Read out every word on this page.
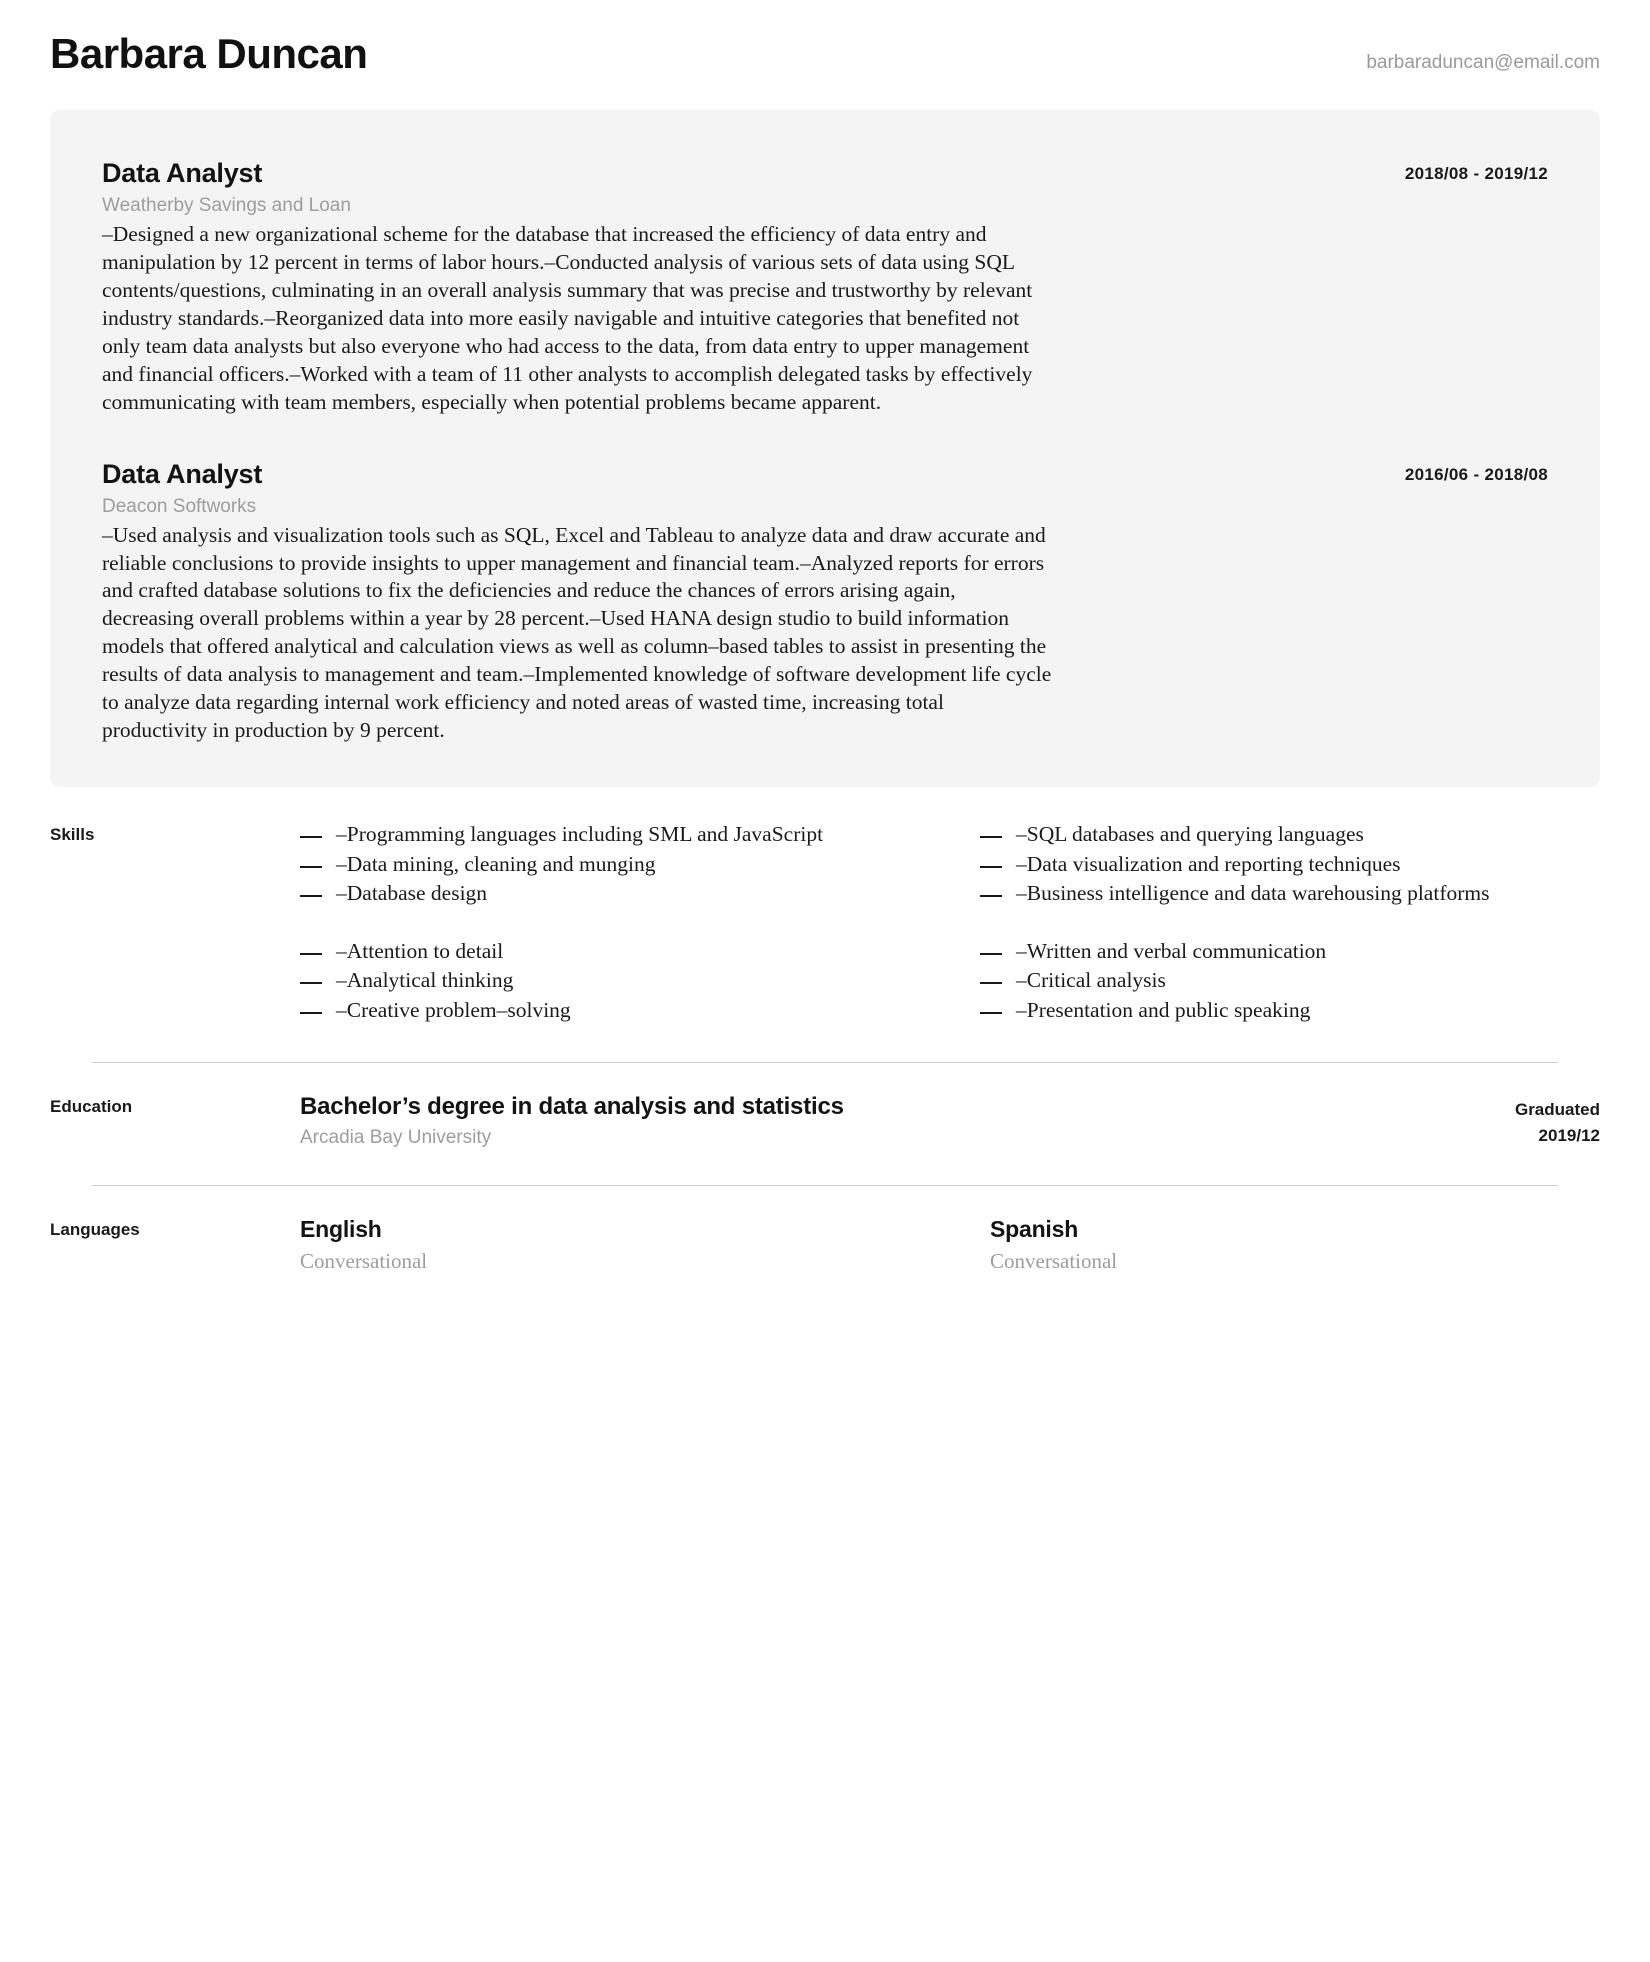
Barbara Duncan	barbaraduncan@email.com
Data Analyst
Weatherby Savings and Loan
–Designed a new organizational scheme for the database that increased the efficiency of data entry and manipulation by 12 percent in terms of labor hours.–Conducted analysis of various sets of data using SQL contents/questions, culminating in an overall analysis summary that was precise and trustworthy by relevant industry standards.–Reorganized data into more easily navigable and intuitive categories that benefited not only team data analysts but also everyone who had access to the data, from data entry to upper management and financial officers.–Worked with a team of 11 other analysts to accomplish delegated tasks by effectively communicating with team members, especially when potential problems became apparent.
2018/08 - 2019/12
Data Analyst
Deacon Softworks
–Used analysis and visualization tools such as SQL, Excel and Tableau to analyze data and draw accurate and reliable conclusions to provide insights to upper management and financial team.–Analyzed reports for errors and crafted database solutions to fix the deficiencies and reduce the chances of errors arising again, decreasing overall problems within a year by 28 percent.–Used HANA design studio to build information models that offered analytical and calculation views as well as column–based tables to assist in presenting the results of data analysis to management and team.–Implemented knowledge of software development life cycle to analyze data regarding internal work efficiency and noted areas of wasted time, increasing total productivity in production by 9 percent.
2016/06 - 2018/08
Skills	–Programming languages including SML and JavaScript
–Data mining, cleaning and munging
–Database design
–Attention to detail
–Analytical thinking
–Creative problem–solving
–SQL databases and querying languages
–Data visualization and reporting techniques
–Business intelligence and data warehousing platforms
–Written and verbal communication
–Critical analysis
–Presentation and public speaking
Education	Bachelor’s degree in data analysis and statistics
Arcadia Bay University
Graduated
2019/12
Languages	English
Conversational
Spanish
Conversational
